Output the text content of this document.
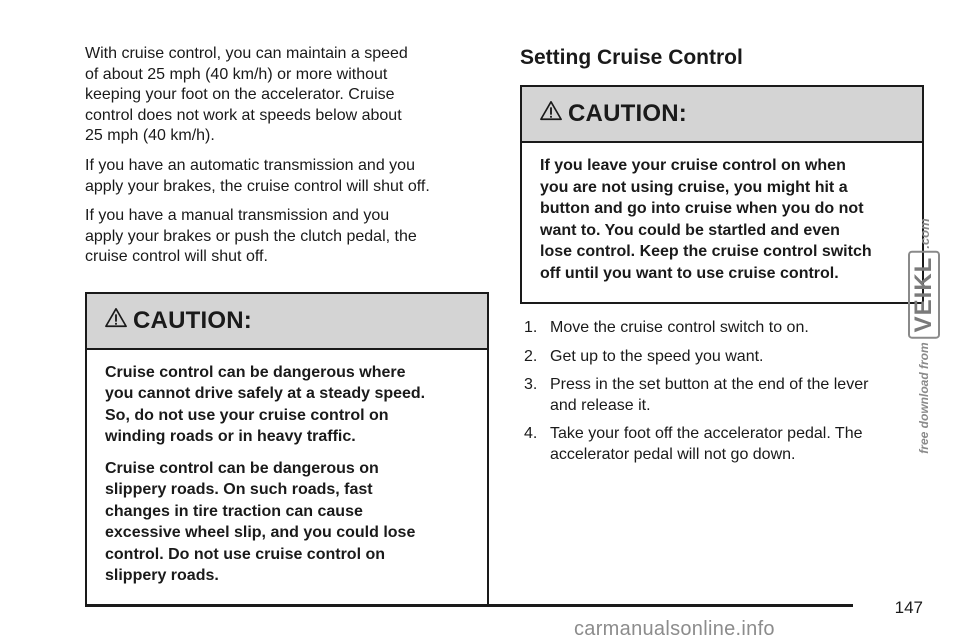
With cruise control, you can maintain a speed
of about 25 mph (40 km/h) or more without
keeping your foot on the accelerator. Cruise
control does not work at speeds below about
25 mph (40 km/h).

If you have an automatic transmission and you
apply your brakes, the cruise control will shut off.

If you have a manual transmission and you
apply your brakes or push the clutch pedal, the
cruise control will shut off.

CAUTION:

Cruise control can be dangerous where
you cannot drive safely at a steady speed.
So, do not use your cruise control on
winding roads or in heavy traffic.

Cruise control can be dangerous on
slippery roads. On such roads, fast
changes in tire traction can cause
excessive wheel slip, and you could lose
control. Do not use cruise control on
slippery roads.

Setting Cruise Control
CAUTION:

If you leave your cruise control on when
you are not using cruise, you might hit a
button and go into cruise when you do not
want to. You could be startled and even
lose control. Keep the cruise control switch
off until you want to use cruise control.

1. Move the cruise control switch to on.
2. Get up to the speed you want.
3. Press in the set button at the end of the lever
and release it.
4. Take your foot off the accelerator pedal. The
accelerator pedal will not go down.
free download from
VEIKL
.com
147
carmanualsonline.info
